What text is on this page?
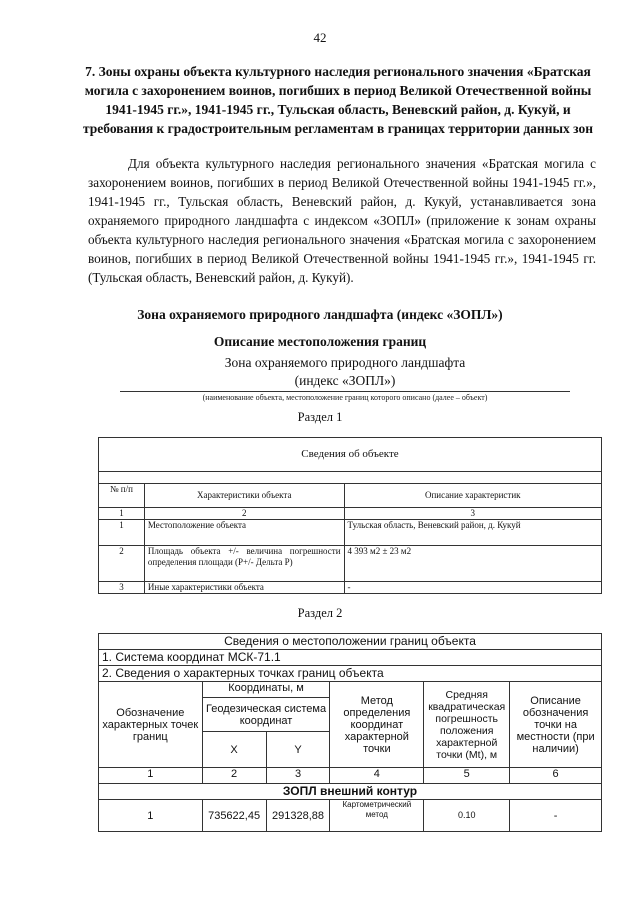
42
7. Зоны охраны объекта культурного наследия регионального значения «Братская могила с захоронением воинов, погибших в период Великой Отечественной войны 1941-1945 гг.», 1941-1945 гг., Тульская область, Веневский район, д. Кукуй, и требования к градостроительным регламентам в границах территории данных зон
Для объекта культурного наследия регионального значения «Братская могила с захоронением воинов, погибших в период Великой Отечественной войны 1941-1945 гг.», 1941-1945 гг., Тульская область, Веневский район, д. Кукуй, устанавливается зона охраняемого природного ландшафта с индексом «ЗОПЛ» (приложение к зонам охраны объекта культурного наследия регионального значения «Братская могила с захоронением воинов, погибших в период Великой Отечественной войны 1941-1945 гг.», 1941-1945 гг. (Тульская область, Веневский район, д. Кукуй).
Зона охраняемого природного ландшафта (индекс «ЗОПЛ»)
Описание местоположения границ
Зона охраняемого природного ландшафта
(индекс «ЗОПЛ»)
(наименование объекта, местоположение границ которого описано (далее – объект)
Раздел 1
Сведения об объекте		

№ п/п	Характеристики объекта	Описание характеристик
1	2	3
1	Местоположение объекта	Тульская область, Веневский район, д. Кукуй
2	Площадь объекта +/- величина погрешности определения площади (P+/- Дельта P)	4 393 м2 ± 23 м2
3	Иные характеристики объекта	-
Раздел 2
Сведения о местоположении границ объекта					
1. Система координат МСК-71.1					
2. Сведения о характерных точках границ объекта					
Обозначение характерных точек границ	Координаты, м		Метод определения координат характерной точки	Средняя квадратическая погрешность положения характерной точки (Mt), м	Описание обозначения точки на местности (при наличии)
	Геодезическая система координат				
	X	Y			
1	2	3	4	5	6
ЗОПЛ внешний контур					
1	735622,45	291328,88	Картометрический метод	0.10	-
